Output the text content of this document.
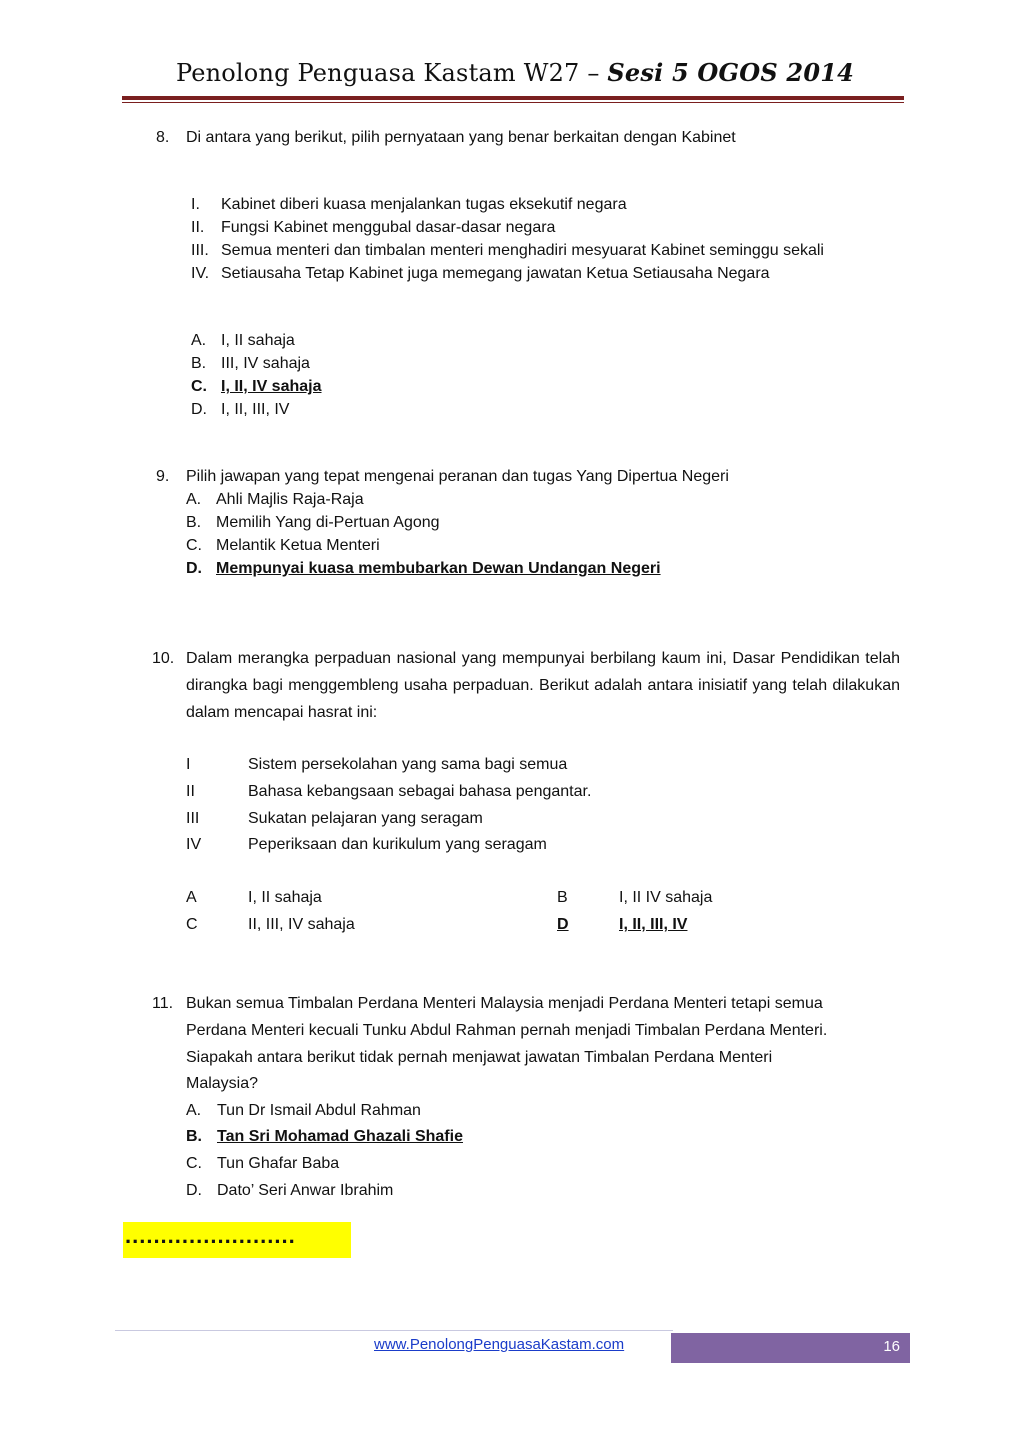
Penolong Penguasa Kastam W27 – Sesi 5 OGOS 2014
8. Di antara yang berikut, pilih pernyataan yang benar berkaitan dengan Kabinet
I. Kabinet diberi kuasa menjalankan tugas eksekutif negara
II. Fungsi Kabinet menggubal dasar-dasar negara
III. Semua menteri dan timbalan menteri menghadiri mesyuarat Kabinet seminggu sekali
IV. Setiausaha Tetap Kabinet juga memegang jawatan Ketua Setiausaha Negara
A. I, II sahaja
B. III, IV sahaja
C. I, II, IV sahaja
D. I, II, III, IV
9. Pilih jawapan yang tepat mengenai peranan dan tugas Yang Dipertua Negeri
A. Ahli Majlis Raja-Raja
B. Memilih Yang di-Pertuan Agong
C. Melantik Ketua Menteri
D. Mempunyai kuasa membubarkan Dewan Undangan Negeri
10. Dalam merangka perpaduan nasional yang mempunyai berbilang kaum ini, Dasar Pendidikan telah dirangka bagi menggembleng usaha perpaduan. Berikut adalah antara inisiatif yang telah dilakukan dalam mencapai hasrat ini:
I	Sistem persekolahan yang sama bagi semua
II	Bahasa kebangsaan sebagai bahasa pengantar.
III	Sukatan pelajaran yang seragam
IV	Peperiksaan dan kurikulum yang seragam
A	I, II sahaja	B	I, II IV sahaja
C	II, III, IV sahaja	D	I, II, III, IV
11. Bukan semua Timbalan Perdana Menteri Malaysia menjadi Perdana Menteri tetapi semua
Perdana Menteri kecuali Tunku Abdul Rahman pernah menjadi Timbalan Perdana Menteri.
Siapakah antara berikut tidak pernah menjawat jawatan Timbalan Perdana Menteri
Malaysia?
A. Tun Dr Ismail Abdul Rahman
B. Tan Sri Mohamad Ghazali Shafie
C. Tun Ghafar Baba
D. Dato’ Seri Anwar Ibrahim
........................
www.PenolongPenguasaKastam.com	16
